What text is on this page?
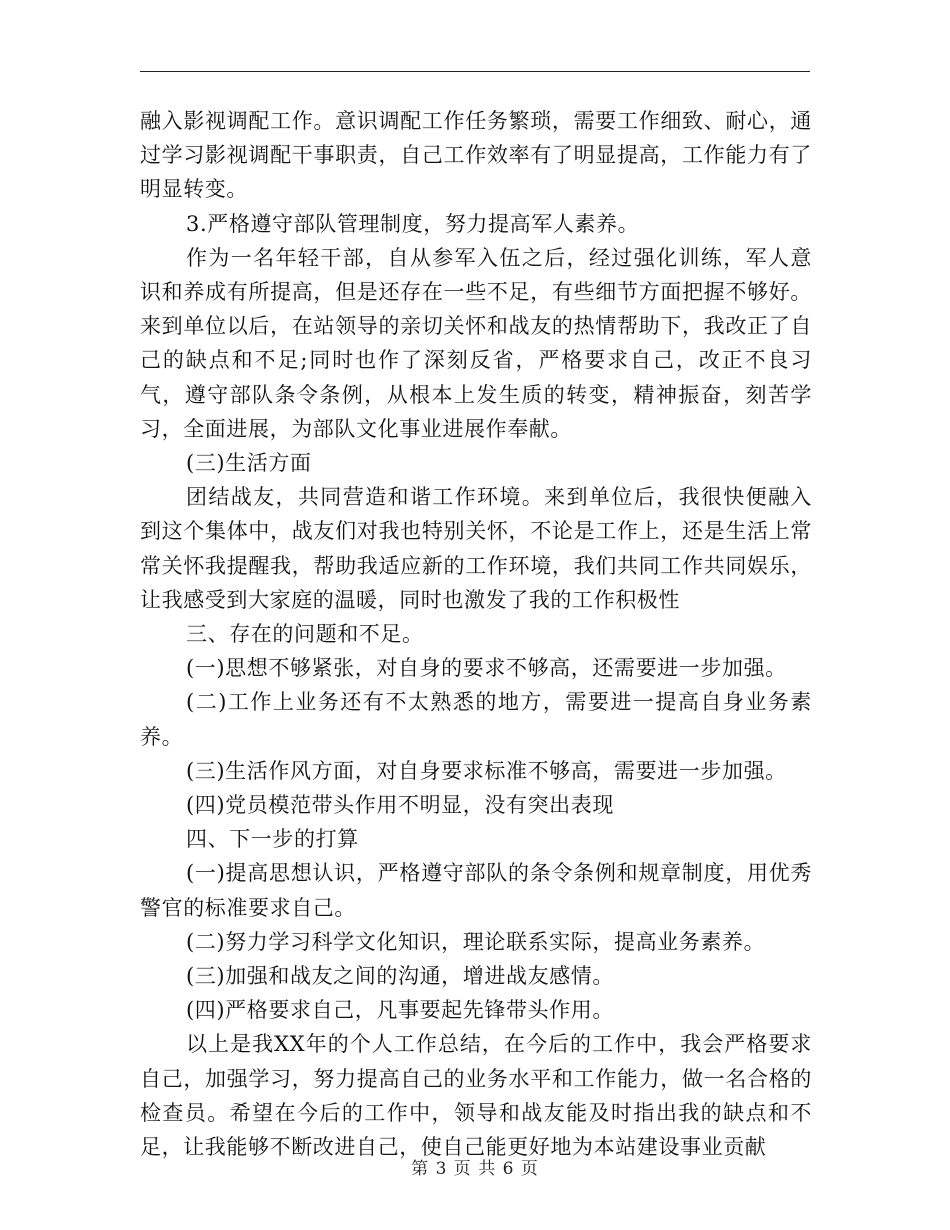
融入影视调配工作。意识调配工作任务繁琐，需要工作细致、耐心，通过学习影视调配干事职责，自己工作效率有了明显提高，工作能力有了明显转变。

3.严格遵守部队管理制度，努力提高军人素养。

作为一名年轻干部，自从参军入伍之后，经过强化训练，军人意识和养成有所提高，但是还存在一些不足，有些细节方面把握不够好。来到单位以后，在站领导的亲切关怀和战友的热情帮助下，我改正了自己的缺点和不足;同时也作了深刻反省，严格要求自己，改正不良习气，遵守部队条令条例，从根本上发生质的转变，精神振奋，刻苦学习，全面进展，为部队文化事业进展作奉献。

(三)生活方面

团结战友，共同营造和谐工作环境。来到单位后，我很快便融入到这个集体中，战友们对我也特别关怀，不论是工作上，还是生活上常常关怀我提醒我，帮助我适应新的工作环境，我们共同工作共同娱乐，让我感受到大家庭的温暖，同时也激发了我的工作积极性

三、存在的问题和不足。

(一)思想不够紧张，对自身的要求不够高，还需要进一步加强。

(二)工作上业务还有不太熟悉的地方，需要进一提高自身业务素养。

(三)生活作风方面，对自身要求标准不够高，需要进一步加强。

(四)党员模范带头作用不明显，没有突出表现

四、下一步的打算

(一)提高思想认识，严格遵守部队的条令条例和规章制度，用优秀警官的标准要求自己。

(二)努力学习科学文化知识，理论联系实际，提高业务素养。

(三)加强和战友之间的沟通，增进战友感情。

(四)严格要求自己，凡事要起先锋带头作用。

以上是我XX年的个人工作总结，在今后的工作中，我会严格要求自己，加强学习，努力提高自己的业务水平和工作能力，做一名合格的检查员。希望在今后的工作中，领导和战友能及时指出我的缺点和不足，让我能够不断改进自己，使自己能更好地为本站建设事业贡献

第 3 页 共 6 页
